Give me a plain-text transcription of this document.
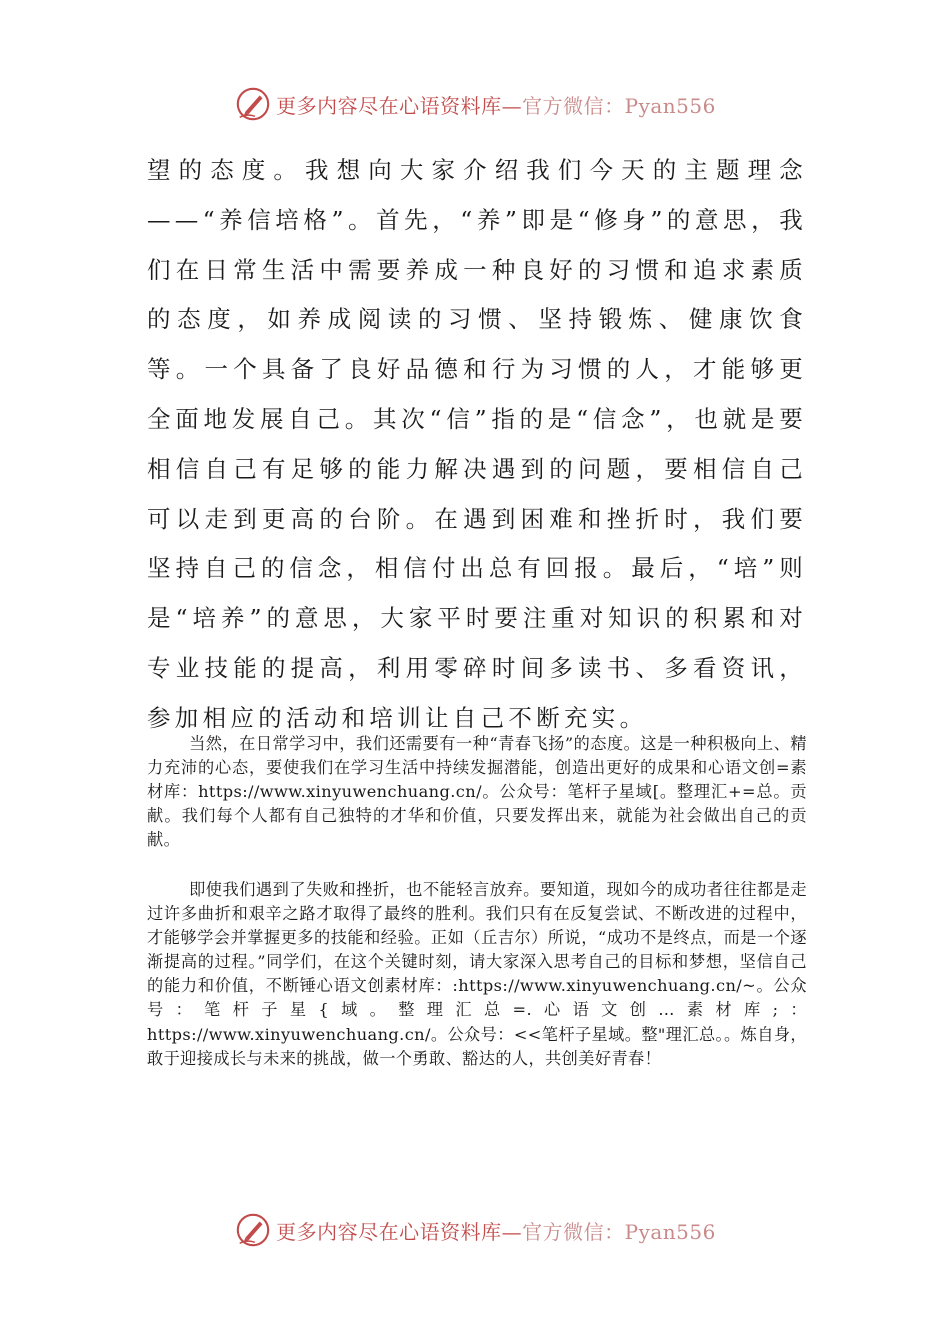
更多内容尽在心语资料库—官方微信：Pyan556

望的态度。我想向大家介绍我们今天的主题理念——“养信培格”。首先，“养”即是“修身”的意思，我们在日常生活中需要养成一种良好的习惯和追求素质的态度，如养成阅读的习惯、坚持锻炼、健康饮食等。一个具备了良好品德和行为习惯的人，才能够更全面地发展自己。其次“信”指的是“信念”，也就是要相信自己有足够的能力解决遇到的问题，要相信自己可以走到更高的台阶。在遇到困难和挫折时，我们要坚持自己的信念，相信付出总有回报。最后，“培”则是“培养”的意思，大家平时要注重对知识的积累和对专业技能的提高，利用零碎时间多读书、多看资讯，参加相应的活动和培训让自己不断充实。

当然，在日常学习中，我们还需要有一种“青春飞扬”的态度。这是一种积极向上、精力充沛的心态，要使我们在学习生活中持续发掘潜能，创造出更好的成果和心语文创=素材库：https://www.xinyuwenchuang.cn/。公众号：笔杆子星域[。整理汇+=总。贡献。我们每个人都有自己独特的才华和价值，只要发挥出来，就能为社会做出自己的贡献。

即使我们遇到了失败和挫折，也不能轻言放弃。要知道，现如今的成功者往往都是走过许多曲折和艰辛之路才取得了最终的胜利。我们只有在反复尝试、不断改进的过程中，才能够学会并掌握更多的技能和经验。正如（丘吉尔）所说，“成功不是终点，而是一个逐渐提高的过程。”同学们，在这个关键时刻，请大家深入思考自己的目标和梦想，坚信自己的能力和价值，不断锤心语文创素材库：:https://www.xinyuwenchuang.cn/~。公众号：笔杆子星{域。整理汇总=.心语文创…素材库;：https://www.xinyuwenchuang.cn/。公众号：<<笔杆子星域。整"理汇总。。炼自身，敢于迎接成长与未来的挑战，做一个勇敢、豁达的人，共创美好青春！

更多内容尽在心语资料库—官方微信：Pyan556
